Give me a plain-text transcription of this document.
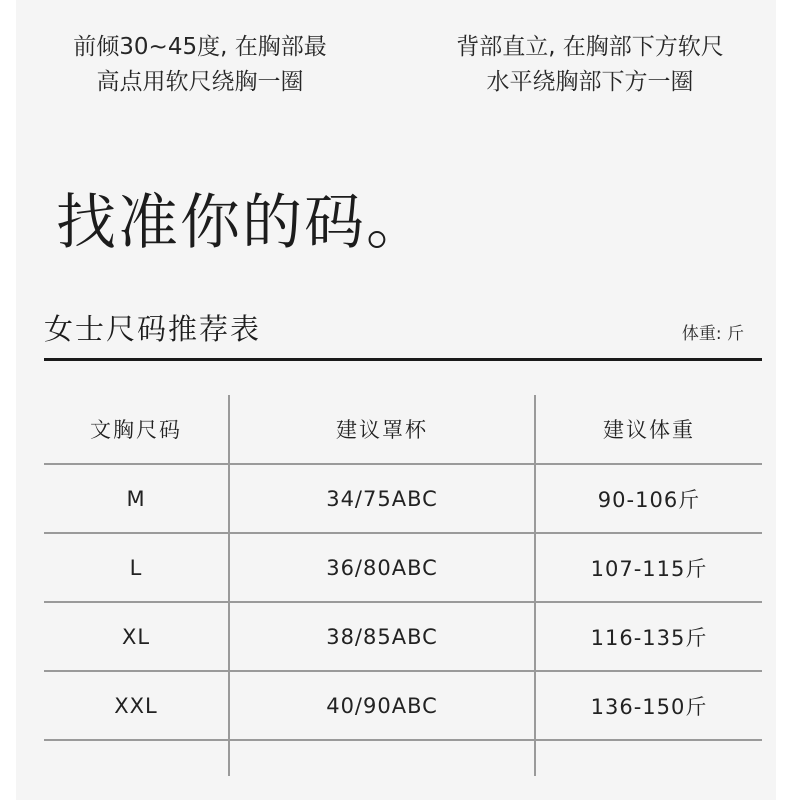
前倾30~45度, 在胸部最
高点用软尺绕胸一圈
背部直立, 在胸部下方软尺
水平绕胸部下方一圈
找准你的码。
女士尺码推荐表	体重: 斤
文胸尺码	建议罩杯	建议体重
M	34/75ABC	90-106斤
L	36/80ABC	107-115斤
XL	38/85ABC	116-135斤
XXL	40/90ABC	136-150斤
